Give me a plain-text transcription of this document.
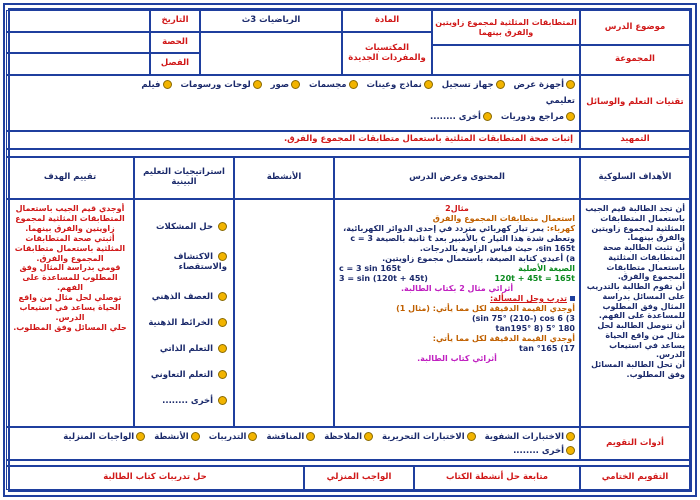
موضوع الدرس
المتطابقات المثلثية لمجموع زاويتين والفرق بينهما
المادة
الرياضيات 3ث
التاريخ
المجموعة
المكتسبات والمفردات الجديدة
الحصة
الفصل
تقنيات التعلم والوسائل
أجهزة عرض جهاز تسجيل نماذج وعينات مجسمات صور لوحات ورسومات فيلم
تعليمي
مراجع ودوريات أخرى ........
التمهيد
إثبات صحة المتطابقات المثلثية باستعمال متطابقات المجموع والفرق.
الأهداف السلوكية
المحتوى وعرض الدرس
الأنشطة
استراتيجيات التعليم البينية
تقييم الهدف
أن تجد الطالبة قيم الجيب باستعمال المتطابقات المثلثية لمجموع زاويتين والفرق بينهما.
أن تثبت الطالبة صحة المتطابقات المثلثية باستعمال متطابقات المجموع والفرق.
أن تقوم الطالبة بالتدريب على المسائل بدراسة المثال وفق المطلوب للمساعدة على الفهم.
أن تتوصل الطالبة لحل مثال من واقع الحياة يساعد في استيعاب الدرس.
أن تحل الطالبة المسائل وفق المطلوب.
مثال2
استعمال متطابقات المجموع والفرق
كهرباء: يمر تيار كهربائي متردد في إحدى الدوائر الكهربائية، وتعطى شدة هذا التيار c بالأمبير بعد t ثانية بالصيغة c = 3 sin 165t، حيث قياس الزاوية بالدرجات.
a) أعيدي كتابة الصيغة، باستعمال مجموع زاويتين.
c = 3 sin 165t	الصيغة الأصلية
3 = sin (120t + 45t)	120t + 45t = 165t
أثرائي مثال 2 بكتاب الطالبة.
تدرب وحل المسألة:
أوجدي القيمة الدقيقة لكل مما يأتي: (مثال 1)
3) sin 75° (210-) cos 6)
tan195° 8) 5° 180
أوجدي القيمة الدقيقة لكل مما يأتي:
tan °165 (17
أثرائي كتاب الطالبة.
حل المشكلات
الاكتشاف والاستقصاء
العصف الذهني
الخرائط الذهنية
التعلم الذاتي
التعلم التعاوني
أخرى ........
أوجدي قيم الجيب باستعمال المتطابقات المثلثية لمجموع زاويتين والفرق بينهما.
أثبتي صحة المتطابقات المثلثية باستعمال متطابقات المجموع والفرق.
قومي بدراسة المثال وفق المطلوب للمساعدة على الفهم.
توصلي لحل مثال من واقع الحياة يساعد في استيعاب الدرس.
حلي المسائل وفق المطلوب.
أدوات التقويم
الاختبارات الشفوية الاختبارات التحريرية الملاحظة المناقشة التدريبات الأنشطة الواجبات المنزلية
أخرى ........
التقويم الختامي
متابعة حل أنشطة الكتاب
الواجب المنزلي
حل تدريبات كتاب الطالبة
